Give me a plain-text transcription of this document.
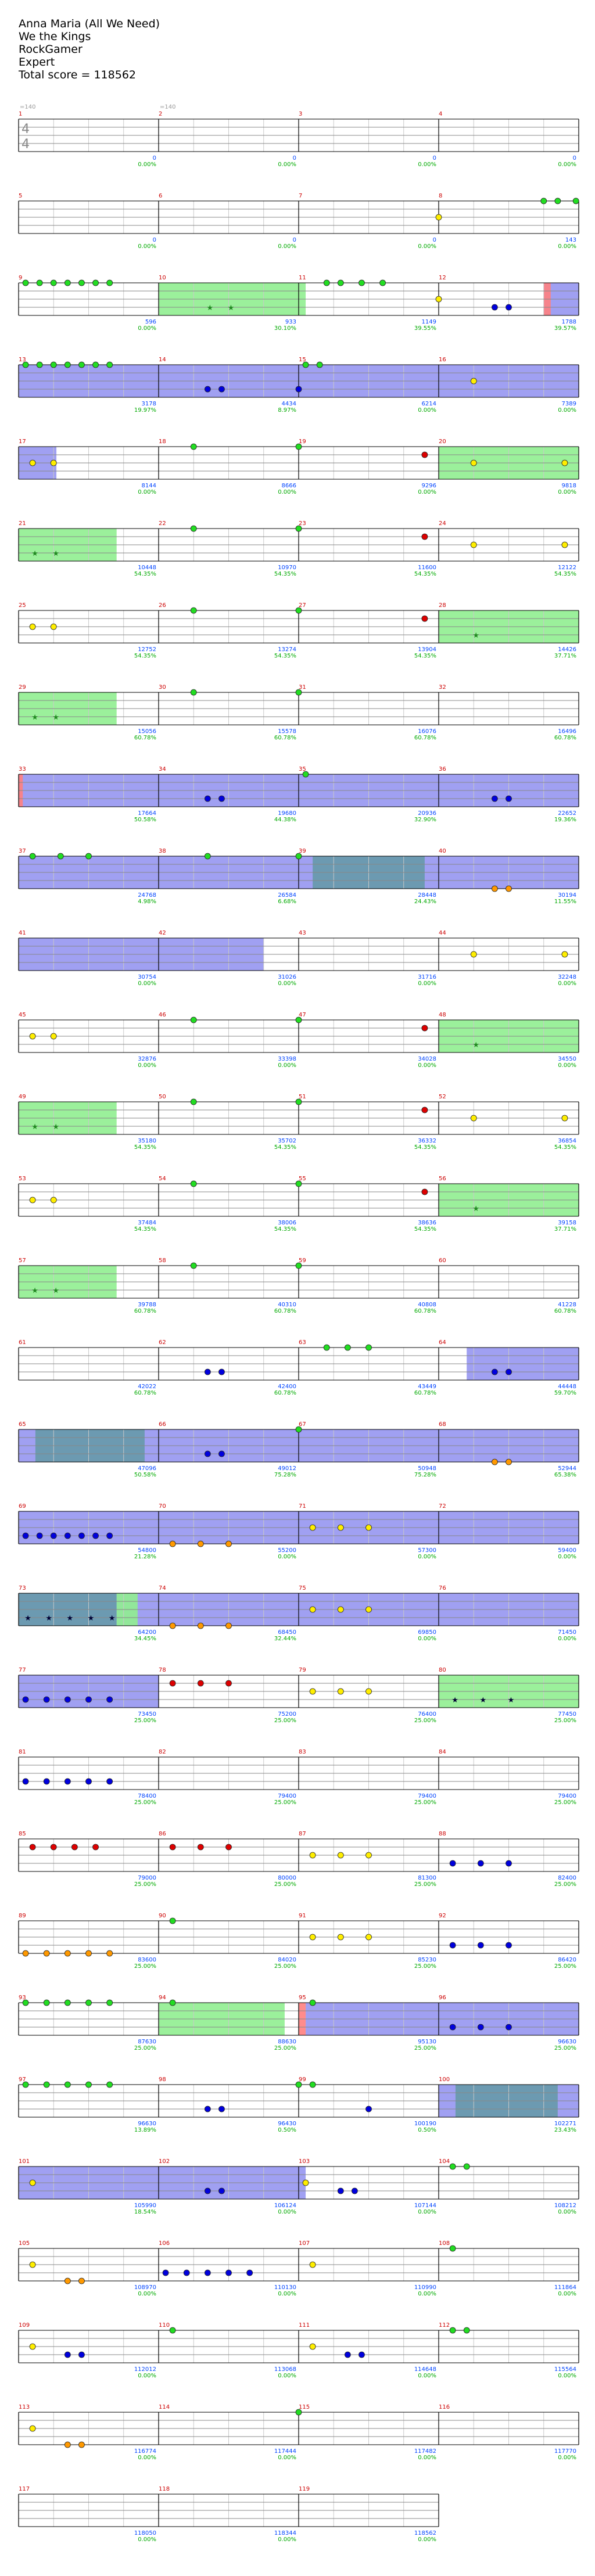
Anna Maria (All We Need)
We the Kings
RockGamer
Expert
Total score = 118562
1
0
0.00%
2
0
0.00%
3
0
0.00%
4
0
0.00%
=140	=140
4
4
5
0
0.00%
6
0
0.00%
7
0
0.00%
8
143
0.00%
★ ★
9
596
0.00%
10
933
30.10%
11
1149
39.55%
12
1788
39.57%
13
3178
19.97%
14
4434
8.97%
15
6214
0.00%
16
7389
0.00%
17
8144
0.00%
18
8666
0.00%
19
9296
0.00%
20
9818
0.00%
★ ★
21
10448
54.35%
22
10970
54.35%
23
11600
54.35%
24
12122
54.35%
★
25
12752
54.35%
26
13274
54.35%
27
13904
54.35%
28
14426
37.71%
★ ★
29
15056
60.78%
30
15578
60.78%
31
16076
60.78%
32
16496
60.78%
33
17664
50.58%
34
19680
44.38%
35
20936
32.90%
36
22652
19.36%
37
24768
4.98%
38
26584
6.68%
39
28448
24.43%
40
30194
11.55%
41
30754
0.00%
42
31026
0.00%
43
31716
0.00%
44
32248
0.00%
★
45
32876
0.00%
46
33398
0.00%
47
34028
0.00%
48
34550
0.00%
★ ★
49
35180
54.35%
50
35702
54.35%
51
36332
54.35%
52
36854
54.35%
★
53
37484
54.35%
54
38006
54.35%
55
38636
54.35%
56
39158
37.71%
★ ★
57
39788
60.78%
58
40310
60.78%
59
40808
60.78%
60
41228
60.78%
61
42022
60.78%
62
42400
60.78%
63
43449
60.78%
64
44448
59.70%
65
47096
50.58%
66
49012
75.28%
67
50948
75.28%
68
52944
65.38%
69
54800
21.28%
70
55200
0.00%
71
57300
0.00%
72
59400
0.00%
★ ★ ★ ★ ★
73
64200
34.45%
74
68450
32.44%
75
69850
0.00%
76
71450
0.00%
★	★	★
77
73450
25.00%
78
75200
25.00%
79
76400
25.00%
80
77450
25.00%
81
78400
25.00%
82
79400
25.00%
83
79400
25.00%
84
79400
25.00%
85
79000
25.00%
86
80000
25.00%
87
81300
25.00%
88
82400
25.00%
89
83600
25.00%
90
84020
25.00%
91
85230
25.00%
92
86420
25.00%
93
87630
25.00%
94
88630
25.00%
95
95130
25.00%
96
96630
25.00%
97
96630
13.89%
98
96430
0.50%
99
100190
0.50%
100
102271
23.43%
101
105990
18.54%
102
106124
0.00%
103
107144
0.00%
104
108212
0.00%
105
108970
0.00%
106
110130
0.00%
107
110990
0.00%
108
111864
0.00%
109
112012
0.00%
110
113068
0.00%
111
114648
0.00%
112
115564
0.00%
113
116774
0.00%
114
117444
0.00%
115
117482
0.00%
116
117770
0.00%
117
118050
0.00%
118
118344
0.00%
119
118562
0.00%
